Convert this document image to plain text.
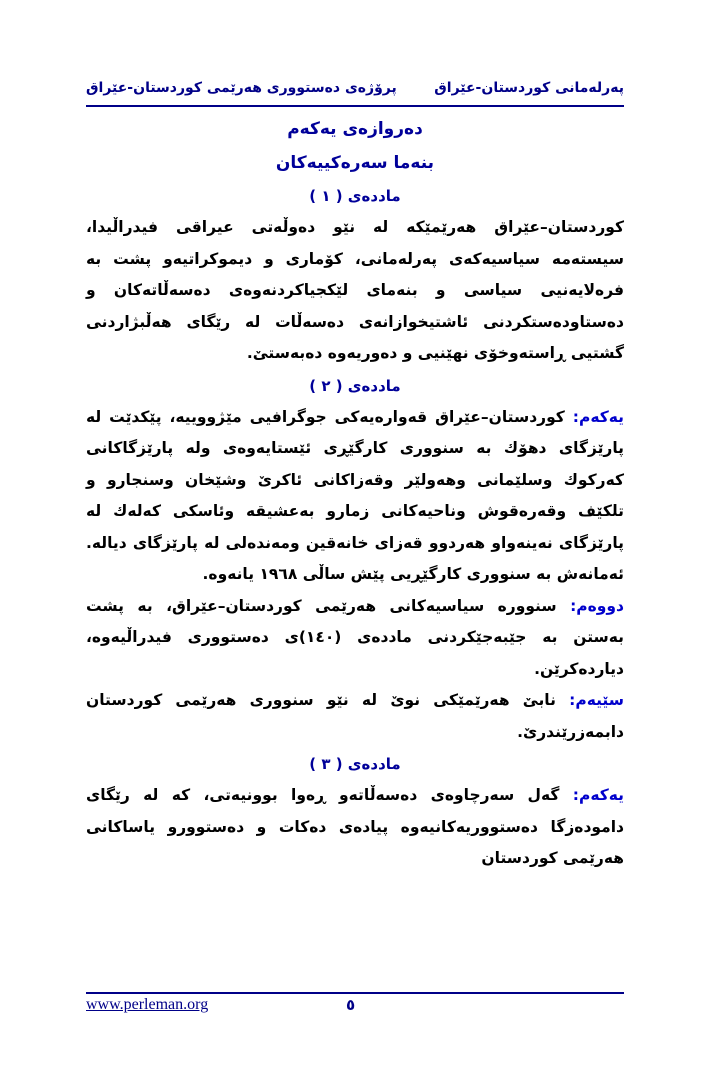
پەرلەمانی کوردستان-عێراق
پرۆژەی دەستووری هەرێمی کوردستان-عێراق
دەروازەی یەکەم
بنەما سەرەکییەکان
ماددەی ( ١ )

کوردستان–عێراق هەرێمێکە لە نێو دەوڵەتی عیراقی فیدراڵیدا، سیستەمە سیاسیەکەی پەرلەمانی، کۆماری و دیموکراتیەو پشت بە فرەلایەنیی سیاسی و بنەمای لێکجیاکردنەوەی دەسەڵاتەکان و دەستاودەستکردنی ئاشتیخوازانەی دەسەڵات لە رێگای هەڵبژاردنی گشتیی ڕاستەوخۆی نهێنیی و دەوریەوە دەبەستێ.

ماددەی ( ٢ )

یەکەم: کوردستان–عێراق قەوارەیەکی جوگرافیی مێژووییە، پێکدێت لە پارێزگای دهۆك بە سنووری کارگێڕی ئێستایەوەی ولە پارێزگاکانی کەرکوك وسلێمانی وهەولێر وقەزاکانی ئاکرێ وشێخان وسنجارو و تلکێف وقەرەقوش وناحیەکانی زمارو بەعشیقە وئاسکی کەلەك لە پارێزگای نەینەواو هەردوو قەزای خانەقین ومەندەلی لە پارێزگای دیالە. ئەمانەش بە سنووری کارگێڕیی پێش ساڵی ١٩٦٨ یانەوە.

دووەم: سنوورە سیاسیەکانی هەرێمی کوردستان–عێراق، بە پشت بەستن بە جێبەجێکردنی ماددەی (١٤٠)ی دەستووری فیدراڵیەوە، دیاردەکرێن.

سێیەم: نابێ هەرێمێکی نوێ لە نێو سنووری هەرێمی کوردستان دابمەزرێندرێ.

ماددەی ( ٣ )

یەکەم: گەل سەرچاوەی دەسەڵاتەو ڕەوا بوونیەتی، کە لە رێگای دامودەزگا دەستووریەکانیەوە پیادەی دەکات و دەستوورو یاساکانی هەرێمی کوردستان

www.perleman.org	٥
